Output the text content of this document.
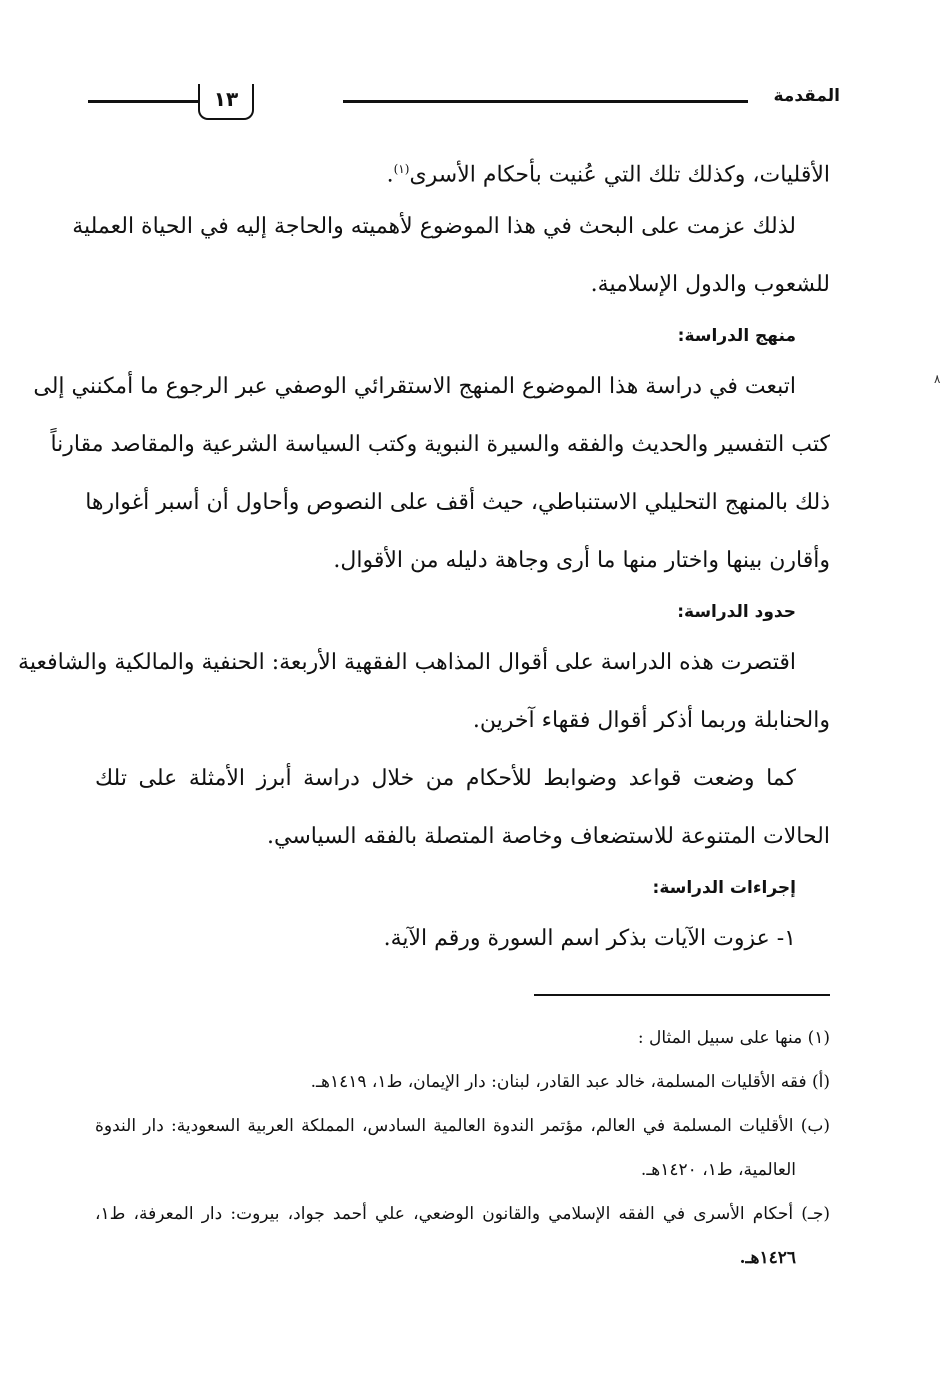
المقدمة
١٣
٨
الأقليات، وكذلك تلك التي عُنيت بأحكام الأسرى$^{(١)}$.
لذلك عزمت على البحث في هذا الموضوع لأهميته والحاجة إليه في الحياة العملية
للشعوب والدول الإسلامية.
منهج الدراسة:
اتبعت في دراسة هذا الموضوع المنهج الاستقرائي الوصفي عبر الرجوع ما أمكنني إلى
كتب التفسير والحديث والفقه والسيرة النبوية وكتب السياسة الشرعية والمقاصد مقارناً
ذلك بالمنهج التحليلي الاستنباطي، حيث أقف على النصوص وأحاول أن أسبر أغوارها
وأقارن بينها واختار منها ما أرى وجاهة دليله من الأقوال.
حدود الدراسة:
اقتصرت هذه الدراسة على أقوال المذاهب الفقهية الأربعة: الحنفية والمالكية والشافعية
والحنابلة وربما أذكر أقوال فقهاء آخرين.
كما وضعت قواعد وضوابط للأحكام من خلال دراسة أبرز الأمثلة على تلك
الحالات المتنوعة للاستضعاف وخاصة المتصلة بالفقه السياسي.
إجراءات الدراسة:
١- عزوت الآيات بذكر اسم السورة ورقم الآية.
(١) منها على سبيل المثال :
(أ) فقه الأقليات المسلمة، خالد عبد القادر، لبنان: دار الإيمان، ط١، ١٤١٩هـ.
(ب) الأقليات المسلمة في العالم، مؤتمر الندوة العالمية السادس، المملكة العربية السعودية: دار الندوة
العالمية، ط١، ١٤٢٠هـ.
(جـ) أحكام الأسرى في الفقه الإسلامي والقانون الوضعي، علي أحمد جواد، بيروت: دار المعرفة، ط١،
١٤٢٦هـ.
